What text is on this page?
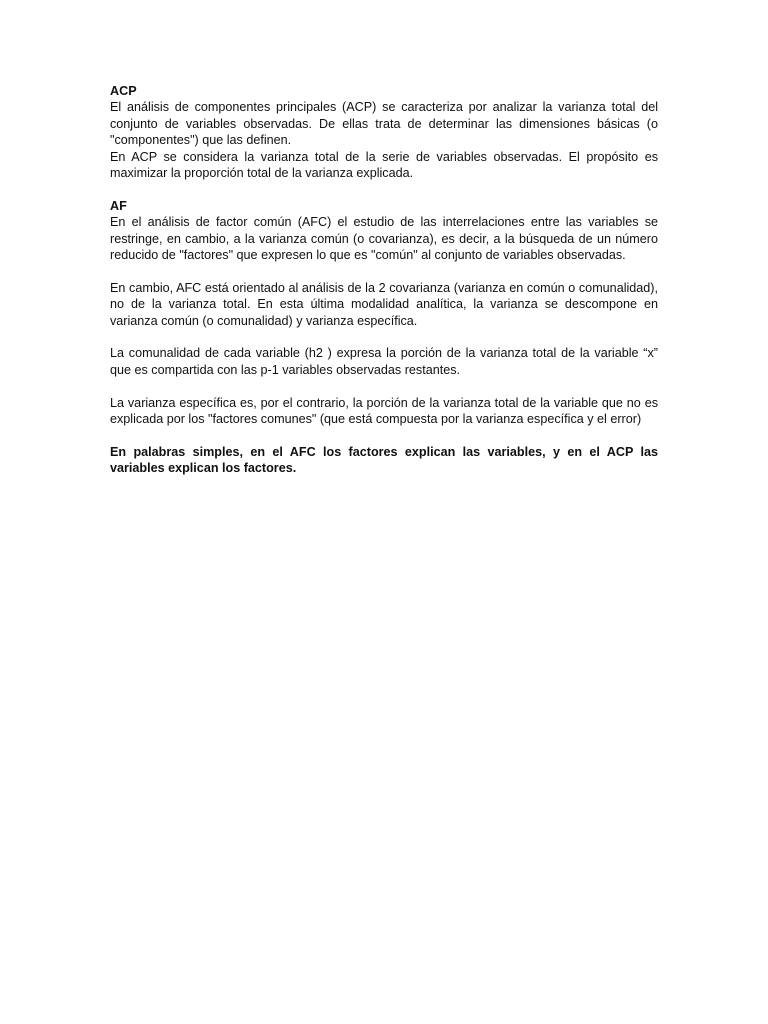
ACP

El análisis de componentes principales (ACP) se caracteriza por analizar la varianza total del conjunto de variables observadas. De ellas trata de determinar las dimensiones básicas (o "componentes") que las definen.

En ACP se considera la varianza total de la serie de variables observadas. El propósito es maximizar la proporción total de la varianza explicada.

AF

En el análisis de factor común (AFC) el estudio de las interrelaciones entre las variables se restringe, en cambio, a la varianza común (o covarianza), es decir, a la búsqueda de un número reducido de "factores" que expresen lo que es "común" al conjunto de variables observadas.

En cambio, AFC está orientado al análisis de la 2 covarianza (varianza en común o comunalidad), no de la varianza total. En esta última modalidad analítica, la varianza se descompone en varianza común (o comunalidad) y varianza específica.

La comunalidad de cada variable (h2 ) expresa la porción de la varianza total de la variable “x” que es compartida con las p-1 variables observadas restantes.

La varianza específica es, por el contrario, la porción de la varianza total de la variable que no es explicada por los "factores comunes" (que está compuesta por la varianza específica y el error)

En palabras simples, en el AFC los factores explican las variables, y en el ACP las variables explican los factores.
